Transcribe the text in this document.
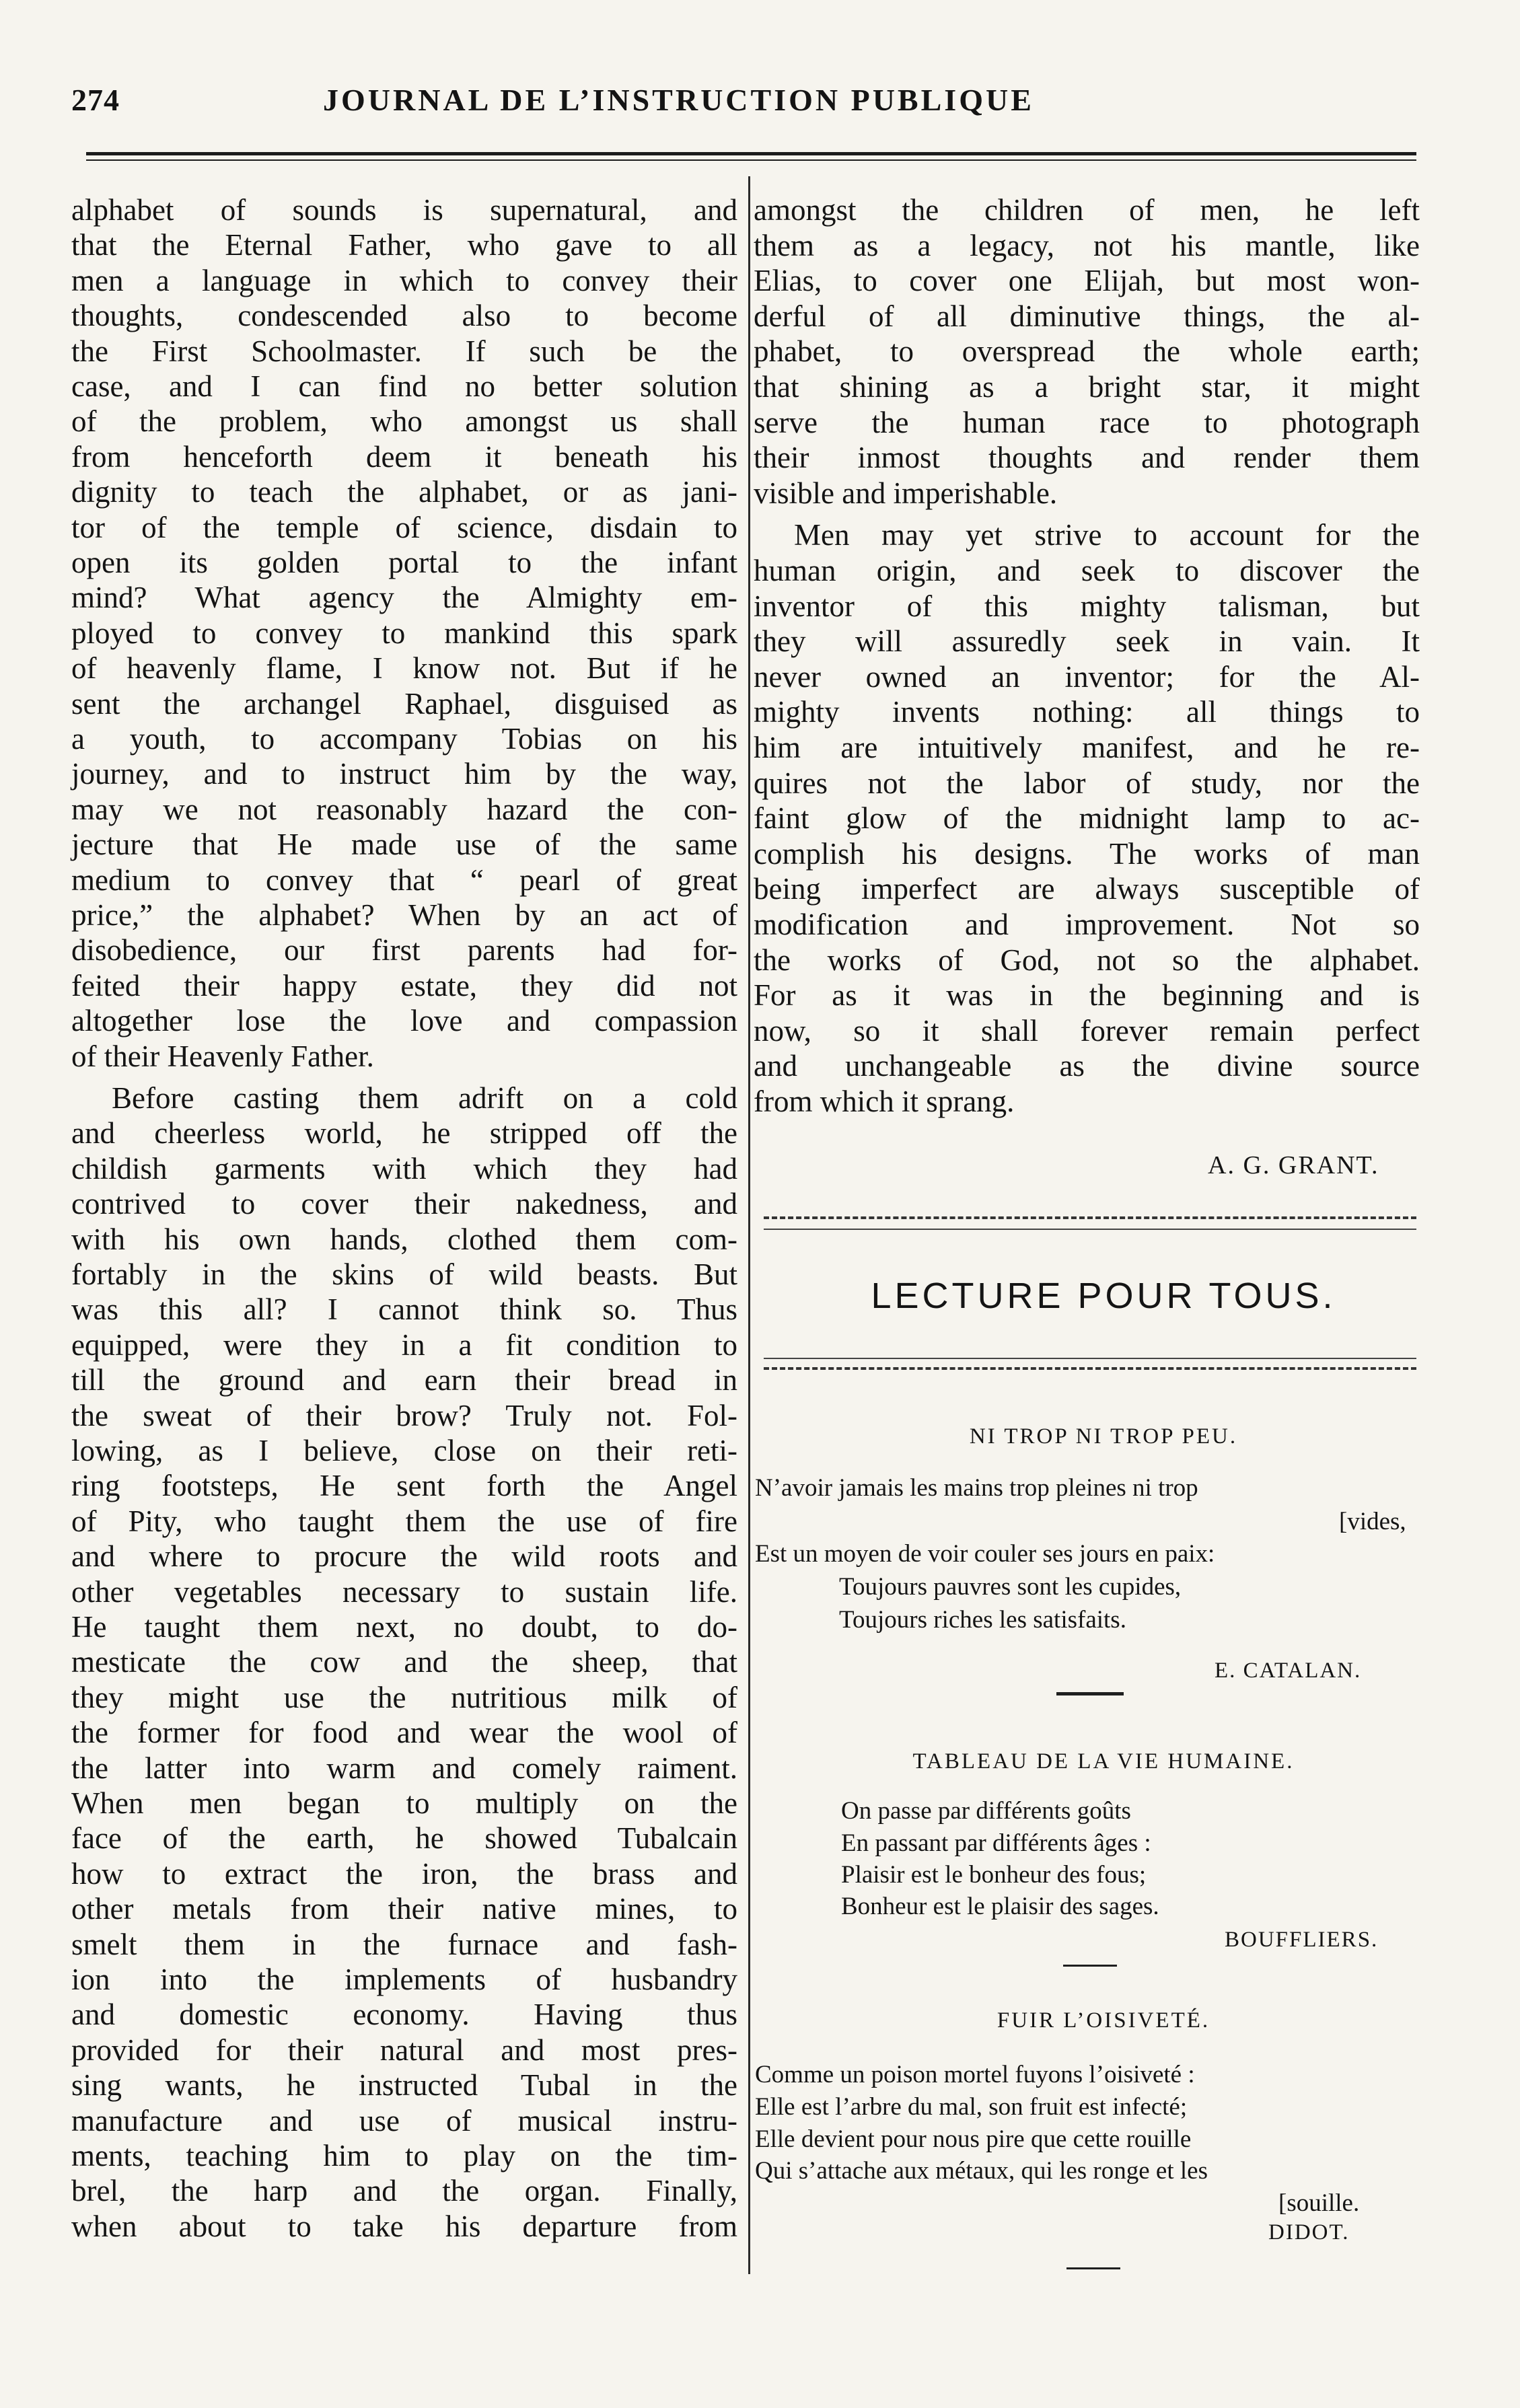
274	JOURNAL DE L’INSTRUCTION PUBLIQUE
alphabet of sounds is supernatural, and
that the Eternal Father, who gave to all
men a language in which to convey their
thoughts, condescended also to become
the First Schoolmaster. If such be the
case, and I can find no better solution
of the problem, who amongst us shall
from henceforth deem it beneath his
dignity to teach the alphabet, or as jani-
tor of the temple of science, disdain to
open its golden portal to the infant
mind? What agency the Almighty em-
ployed to convey to mankind this spark
of heavenly flame, I know not. But if he
sent the archangel Raphael, disguised as
a youth, to accompany Tobias on his
journey, and to instruct him by the way,
may we not reasonably hazard the con-
jecture that He made use of the same
medium to convey that “ pearl of great
price,” the alphabet? When by an act of
disobedience, our first parents had for-
feited their happy estate, they did not
altogether lose the love and compassion
of their Heavenly Father.
Before casting them adrift on a cold
and cheerless world, he stripped off the
childish garments with which they had
contrived to cover their nakedness, and
with his own hands, clothed them com-
fortably in the skins of wild beasts. But
was this all? I cannot think so. Thus
equipped, were they in a fit condition to
till the ground and earn their bread in
the sweat of their brow? Truly not. Fol-
lowing, as I believe, close on their reti-
ring footsteps, He sent forth the Angel
of Pity, who taught them the use of fire
and where to procure the wild roots and
other vegetables necessary to sustain life.
He taught them next, no doubt, to do-
mesticate the cow and the sheep, that
they might use the nutritious milk of
the former for food and wear the wool of
the latter into warm and comely raiment.
When men began to multiply on the
face of the earth, he showed Tubalcain
how to extract the iron, the brass and
other metals from their native mines, to
smelt them in the furnace and fash-
ion into the implements of husbandry
and domestic economy. Having thus
provided for their natural and most pres-
sing wants, he instructed Tubal in the
manufacture and use of musical instru-
ments, teaching him to play on the tim-
brel, the harp and the organ. Finally,
when about to take his departure from
amongst the children of men, he left
them as a legacy, not his mantle, like
Elias, to cover one Elijah, but most won-
derful of all diminutive things, the al-
phabet, to overspread the whole earth;
that shining as a bright star, it might
serve the human race to photograph
their inmost thoughts and render them
visible and imperishable.
Men may yet strive to account for the
human origin, and seek to discover the
inventor of this mighty talisman, but
they will assuredly seek in vain. It
never owned an inventor; for the Al-
mighty invents nothing: all things to
him are intuitively manifest, and he re-
quires not the labor of study, nor the
faint glow of the midnight lamp to ac-
complish his designs. The works of man
being imperfect are always susceptible of
modification and improvement. Not so
the works of God, not so the alphabet.
For as it was in the beginning and is
now, so it shall forever remain perfect
and unchangeable as the divine source
from which it sprang.
A. G. GRANT.
LECTURE POUR TOUS.
NI TROP NI TROP PEU.
N’avoir jamais les mains trop pleines ni trop
[vides,
Est un moyen de voir couler ses jours en paix:
Toujours pauvres sont les cupides,
Toujours riches les satisfaits.
E. CATALAN.
TABLEAU DE LA VIE HUMAINE.
On passe par différents goûts
En passant par différents âges :
Plaisir est le bonheur des fous;
Bonheur est le plaisir des sages.
BOUFFLIERS.
FUIR L’OISIVETÉ.
Comme un poison mortel fuyons l’oisiveté :
Elle est l’arbre du mal, son fruit est infecté;
Elle devient pour nous pire que cette rouille
Qui s’attache aux métaux, qui les ronge et les
[souille.
DIDOT.
